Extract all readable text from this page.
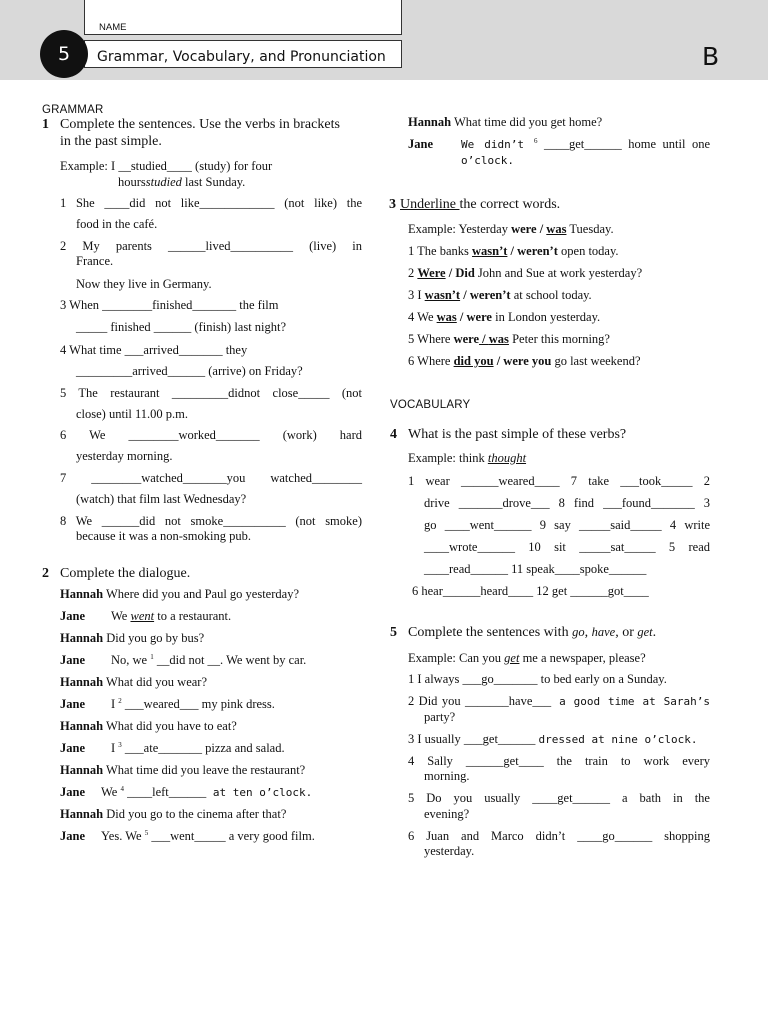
NAME
Grammar, Vocabulary, and Pronunciation
5	B
GRAMMAR
1 Complete the sentences. Use the verbs in brackets
in the past simple.
Example: I __studied____ (study) for four
hoursstudied last Sunday.
1 She ____did not like____________ (not like) the
food in the café.
2 My parents ______lived__________ (live) in
France.
Now they live in Germany.
3 When ________finished_______ the film
_____ finished ______ (finish) last night?
4 What time ___arrived_______ they
_________arrived______ (arrive) on Friday?
5 The restaurant _________didnot close_____ (not
close) until 11.00 p.m.
6 We ________worked_______ (work) hard
yesterday morning.
7 ________watched_______you watched________
(watch) that film last Wednesday?
8 We ______did not smoke__________ (not smoke)
because it was a non-smoking pub.
2 Complete the dialogue.
Hannah Where did you and Paul go yesterday?
Jane We went to a restaurant.
Hannah Did you go by bus?
Jane No, we $^1$ __did not __. We went by car.
Hannah What did you wear?
Jane I $^2$ ___weared___ my pink dress.
Hannah What did you have to eat?
Jane I $^3$ ___ate_______ pizza and salad.
Hannah What time did you leave the restaurant?
Jane We $^4$ ____left______ at ten o’clock.
Hannah Did you go to the cinema after that?
Jane Yes. We $^5$ ___went_____ a very good film.
Hannah What time did you get home?
Jane	We didn’t $^6$ ____get______ home until one
o’clock.
3 Underline the correct words.
Example: Yesterday were / was Tuesday.
1 The banks wasn’t / weren’t open today.
2 Were / Did John and Sue at work yesterday?
3 I wasn’t / weren’t at school today.
4 We was / were in London yesterday.
5 Where were / was Peter this morning?
6 Where did you / were you go last weekend?
VOCABULARY
4 What is the past simple of these verbs?
Example: think thought
1 wear ______weared____ 7 take ___took_____ 2
drive _______drove___ 8 find ___found_______ 3
go ____went______ 9 say _____said_____ 4 write
____wrote______ 10 sit _____sat_____ 5 read
____read______ 11 speak____spoke______
6 hear______heard____ 12 get ______got____
5 Complete the sentences with go, have, or get.
Example: Can you get me a newspaper, please?
1 I always ___go_______ to bed early on a Sunday.
2 Did you _______have___ a good time at Sarah’s
party?
3 I usually ___get______ dressed at nine o’clock.
4 Sally ______get____ the train to work every
morning.
5 Do you usually ____get______ a bath in the
evening?
6 Juan and Marco didn’t ____go______ shopping
yesterday.
